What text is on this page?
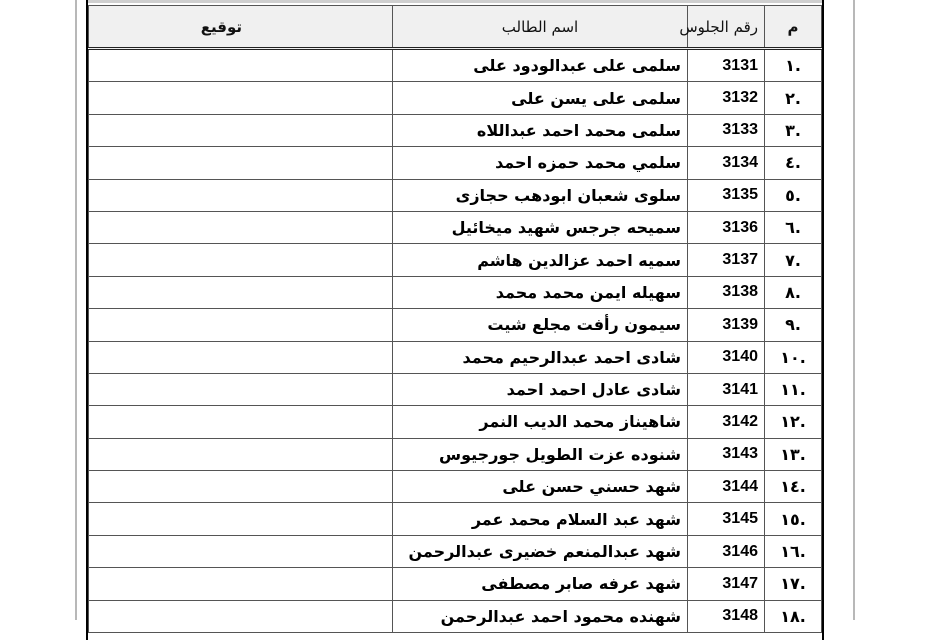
م	رقم الجلوس	اسم الطالب	توقيع
.١	3131	سلمى على عبدالودود على	
.٢	3132	سلمى على يسن على	
.٣	3133	سلمى محمد احمد عبداللاه	
.٤	3134	سلمي محمد حمزه احمد	
.٥	3135	سلوى شعبان ابودهب حجازى	
.٦	3136	سميحه جرجس شهيد ميخائيل	
.٧	3137	سميه احمد عزالدين هاشم	
.٨	3138	سهيله ايمن محمد محمد	
.٩	3139	سيمون رأفت مجلع شيت	
.١٠	3140	شادى احمد عبدالرحيم محمد	
.١١	3141	شادى عادل احمد احمد	
.١٢	3142	شاهيناز محمد الديب النمر	
.١٣	3143	شنوده عزت الطويل جورجيوس	
.١٤	3144	شهد حسني حسن على	
.١٥	3145	شهد عبد السلام محمد عمر	
.١٦	3146	شهد عبدالمنعم خضيرى عبدالرحمن	
.١٧	3147	شهد عرفه صابر مصطفى	
.١٨	3148	شهنده محمود احمد عبدالرحمن	
